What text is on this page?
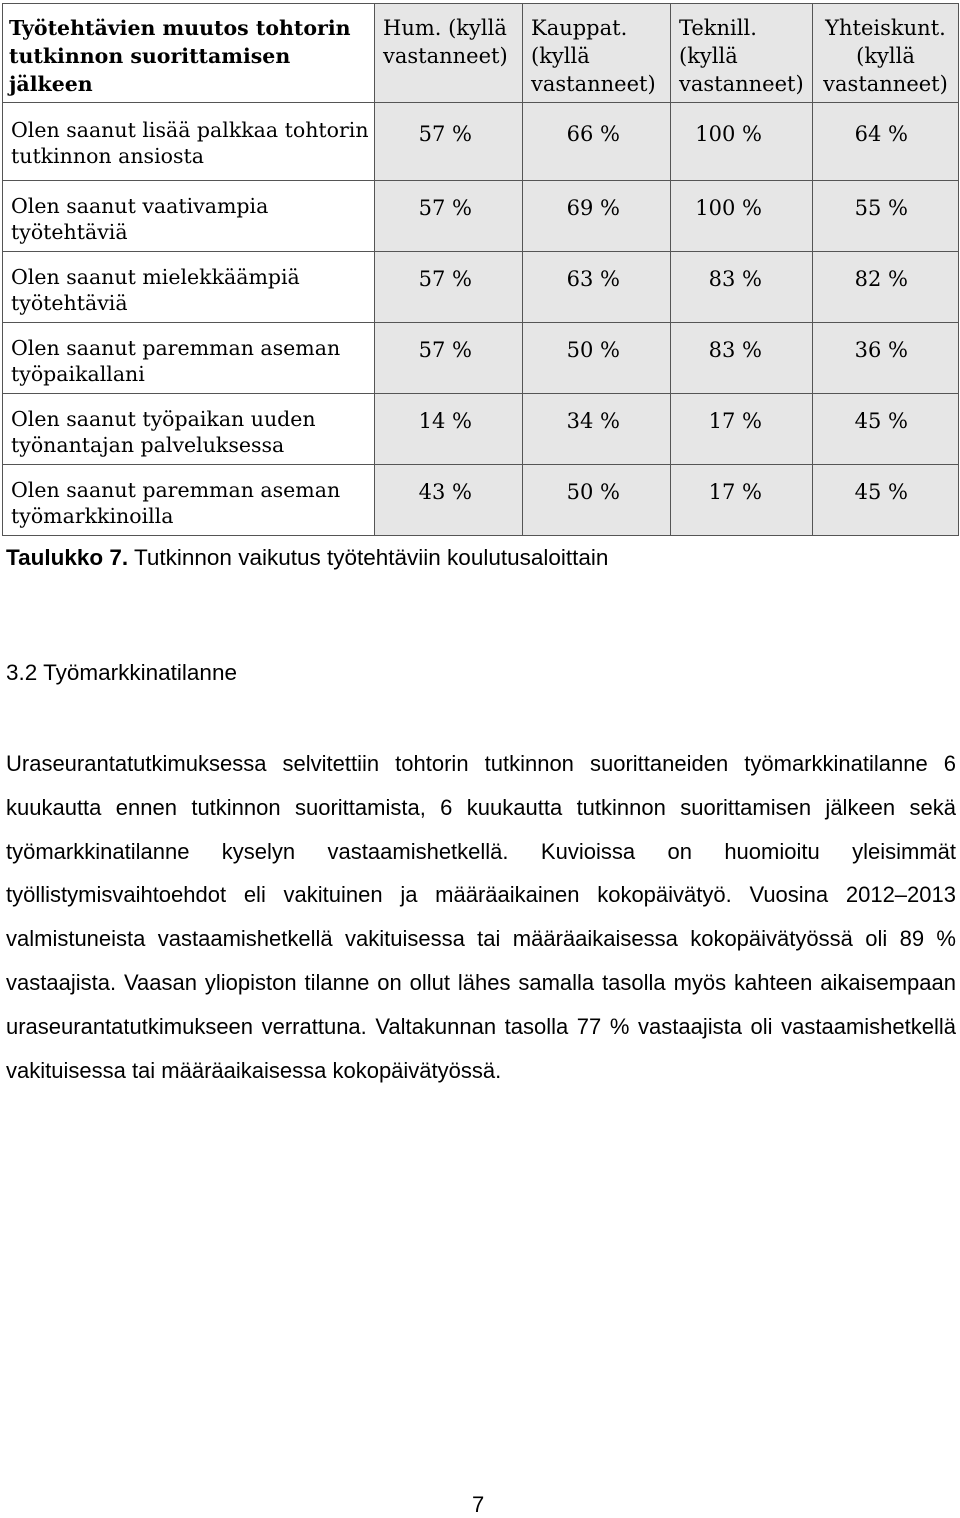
Työtehtävien muutos tohtorin tutkinnon suorittamisen jälkeen	Hum. (kyllä vastanneet)	Kauppat. (kyllä vastanneet)	Teknill. (kyllä vastanneet)	Yhteiskunt. (kyllä vastanneet)
Olen saanut lisää palkkaa tohtorin tutkinnon ansiosta	57 %	66 %	100 %	64 %
Olen saanut vaativampia työtehtäviä	57 %	69 %	100 %	55 %
Olen saanut mielekkäämpiä työtehtäviä	57 %	63 %	83 %	82 %
Olen saanut paremman aseman työpaikallani	57 %	50 %	83 %	36 %
Olen saanut työpaikan uuden työnantajan palveluksessa	14 %	34 %	17 %	45 %
Olen saanut paremman aseman työmarkkinoilla	43 %	50 %	17 %	45 %
Taulukko 7. Tutkinnon vaikutus työtehtäviin koulutusaloittain
3.2 Työmarkkinatilanne
Uraseurantatutkimuksessa selvitettiin tohtorin tutkinnon suorittaneiden työmarkkinatilanne 6 kuukautta ennen tutkinnon suorittamista, 6 kuukautta tutkinnon suorittamisen jälkeen sekä työmarkkinatilanne kyselyn vastaamishetkellä. Kuvioissa on huomioitu yleisimmät työllistymisvaihtoehdot eli vakituinen ja määräaikainen kokopäivätyö. Vuosina 2012–2013 valmistuneista vastaamishetkellä vakituisessa tai määräaikaisessa kokopäivätyössä oli 89 % vastaajista. Vaasan yliopiston tilanne on ollut lähes samalla tasolla myös kahteen aikaisempaan uraseurantatutkimukseen verrattuna. Valtakunnan tasolla 77 % vastaajista oli vastaamishetkellä vakituisessa tai määräaikaisessa kokopäivätyössä.
7
